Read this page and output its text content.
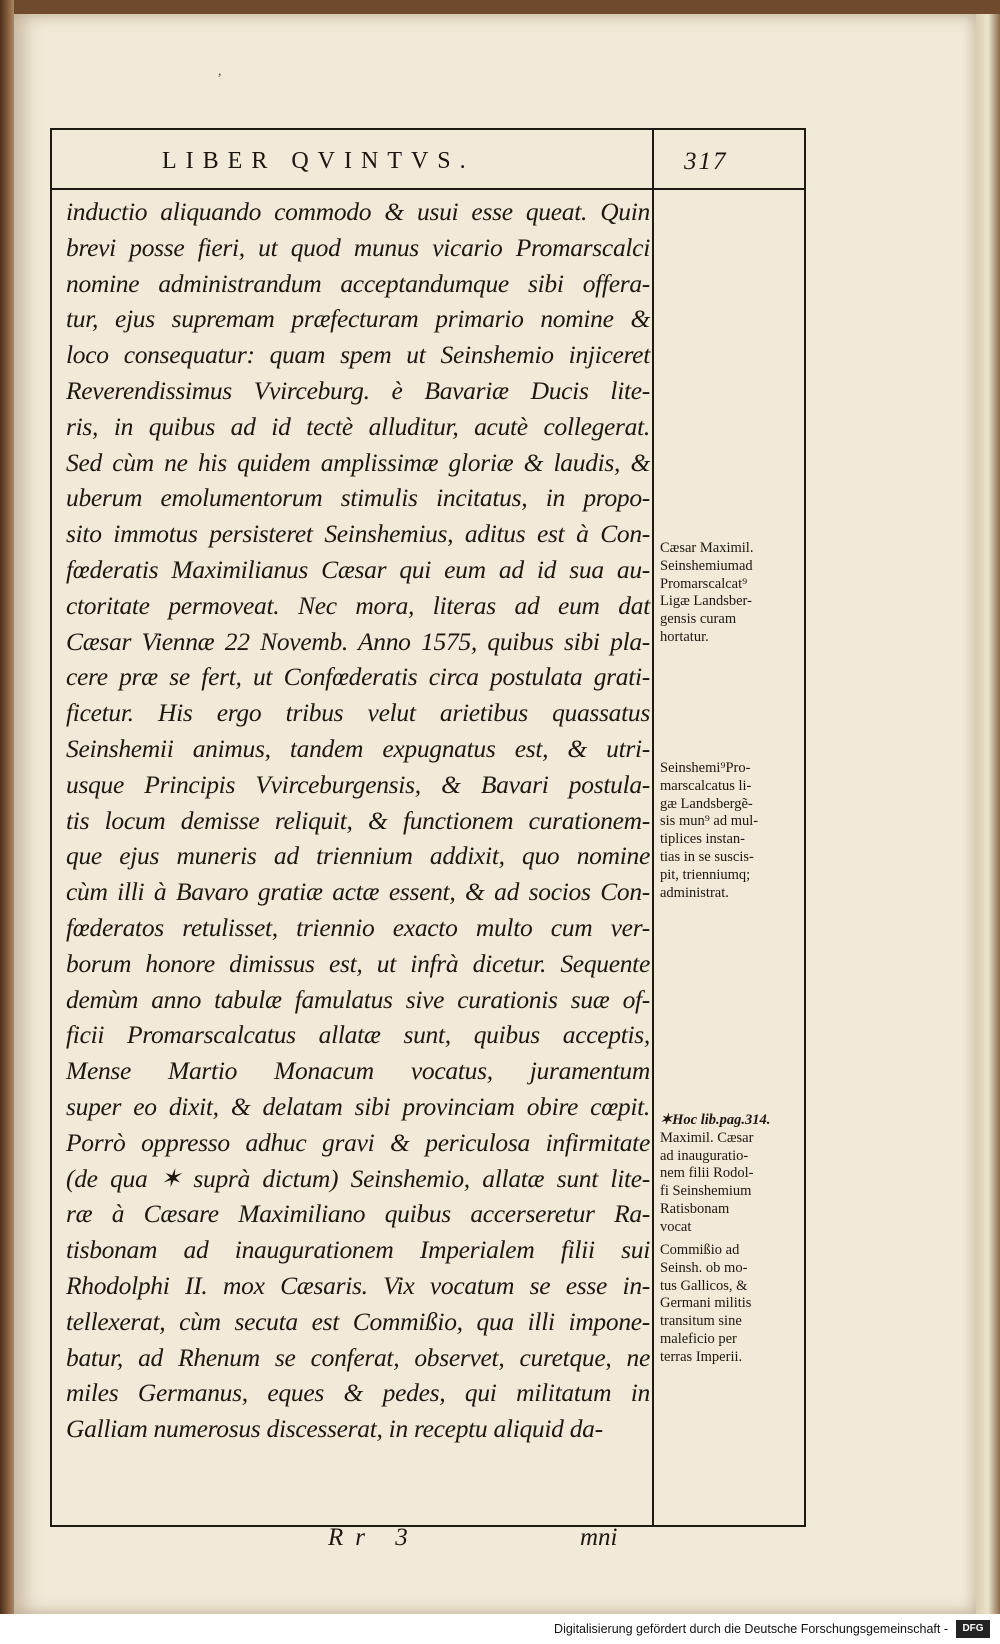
,
LIBER QVINTVS.	317
inductio aliquando commodo & usui esse queat. Quin
brevi posse fieri, ut quod munus vicario Promarscalci
nomine administrandum acceptandumque sibi offera-
tur, ejus supremam præfecturam primario nomine &
loco consequatur: quam spem ut Seinshemio injiceret
Reverendissimus Vvirceburg. è Bavariæ Ducis lite-
ris, in quibus ad id tectè alluditur, acutè collegerat.
Sed cùm ne his quidem amplissimæ gloriæ & laudis, &
uberum emolumentorum stimulis incitatus, in propo-
sito immotus persisteret Seinshemius, aditus est à Con-
fœderatis Maximilianus Cæsar qui eum ad id sua au-
ctoritate permoveat. Nec mora, literas ad eum dat
Cæsar Viennæ 22 Novemb. Anno 1575, quibus sibi pla-
cere præ se fert, ut Confœderatis circa postulata grati-
ficetur. His ergo tribus velut arietibus quassatus
Seinshemii animus, tandem expugnatus est, & utri-
usque Principis Vvirceburgensis, & Bavari postula-
tis locum demisse reliquit, & functionem curationem-
que ejus muneris ad triennium addixit, quo nomine
cùm illi à Bavaro gratiæ actæ essent, & ad socios Con-
fœderatos retulisset, triennio exacto multo cum ver-
borum honore dimissus est, ut infrà dicetur. Sequente
demùm anno tabulæ famulatus sive curationis suæ of-
ficii Promarscalcatus allatæ sunt, quibus acceptis,
Mense Martio Monacum vocatus, juramentum
super eo dixit, & delatam sibi provinciam obire cœpit.
Porrò oppresso adhuc gravi & periculosa infirmitate
(de qua ✶ suprà dictum) Seinshemio, allatæ sunt lite-
ræ à Cæsare Maximiliano quibus accerseretur Ra-
tisbonam ad inaugurationem Imperialem filii sui
Rhodolphi II. mox Cæsaris. Vix vocatum se esse in-
tellexerat, cùm secuta est Commißio, qua illi impone-
batur, ad Rhenum se conferat, observet, curetque, ne
miles Germanus, eques & pedes, qui militatum in
Galliam numerosus discesserat, in receptu aliquid da-
Cæsar Maximil.
Seinshemiumad
Promarscalcat⁹
Ligæ Landsber-
gensis curam
hortatur.
Seinshemi⁹Pro-
marscalcatus li-
gæ Landsbergẽ-
sis mun⁹ ad mul-
tiplices instan-
tias in se suscis-
pit, trienniumq;
administrat.
✶Hoc lib.pag.314.
Maximil. Cæsar
ad inauguratio-
nem filii Rodol-
fi Seinshemium
Ratisbonam
vocat
Commißio ad
Seinsh. ob mo-
tus Gallicos, &
Germani militis
transitum sine
maleficio per
terras Imperii.
Rr 3	mni
Digitalisierung gefördert durch die Deutsche Forschungsgemeinschaft -	DFG
